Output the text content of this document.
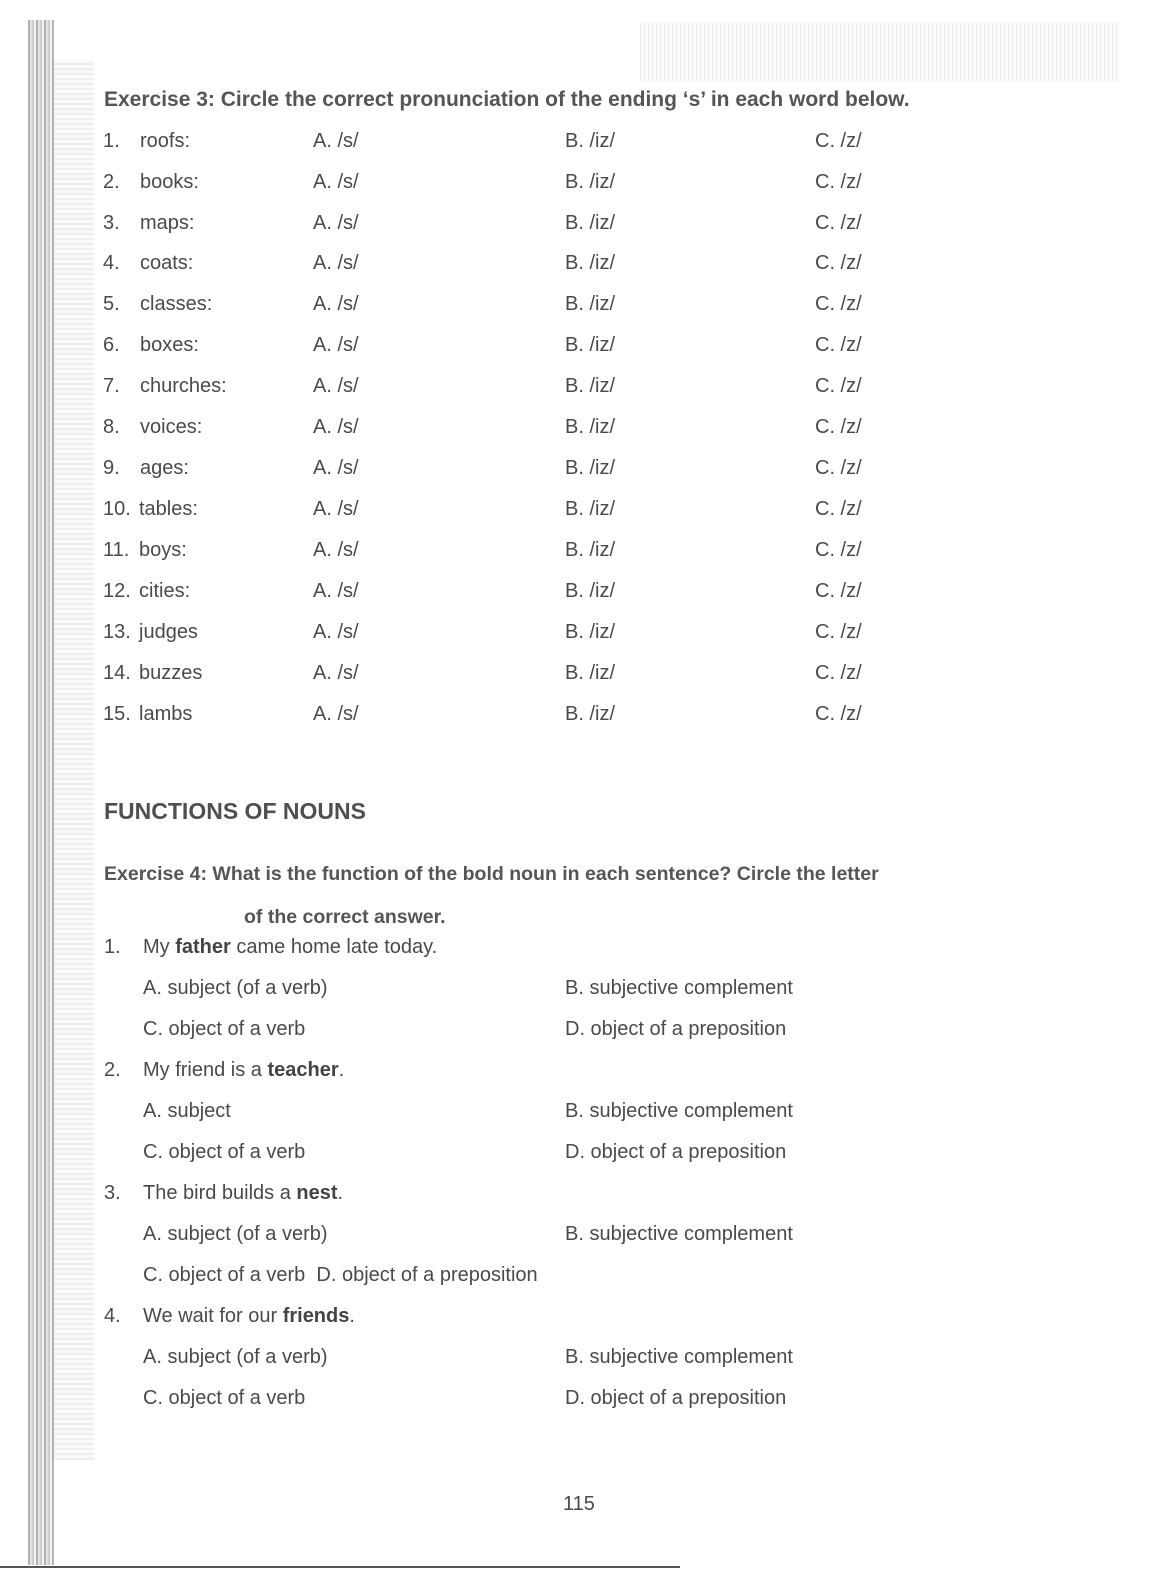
Exercise 3: Circle the correct pronunciation of the ending ‘s’ in each word below.
1. roofs:	A. /s/	B. /iz/	C. /z/
2. books:	A. /s/	B. /iz/	C. /z/
3. maps:	A. /s/	B. /iz/	C. /z/
4. coats:	A. /s/	B. /iz/	C. /z/
5. classes:	A. /s/	B. /iz/	C. /z/
6. boxes:	A. /s/	B. /iz/	C. /z/
7. churches:	A. /s/	B. /iz/	C. /z/
8. voices:	A. /s/	B. /iz/	C. /z/
9. ages:	A. /s/	B. /iz/	C. /z/
10. tables:	A. /s/	B. /iz/	C. /z/
11. boys:	A. /s/	B. /iz/	C. /z/
12. cities:	A. /s/	B. /iz/	C. /z/
13. judges	A. /s/	B. /iz/	C. /z/
14. buzzes	A. /s/	B. /iz/	C. /z/
15. lambs	A. /s/	B. /iz/	C. /z/
FUNCTIONS OF NOUNS
Exercise 4: What is the function of the bold noun in each sentence? Circle the letter
of the correct answer.
1. My father came home late today.
A. subject (of a verb)	B. subjective complement
C. object of a verb	D. object of a preposition
2. My friend is a teacher.
A. subject	B. subjective complement
C. object of a verb	D. object of a preposition
3. The bird builds a nest.
A. subject (of a verb)	B. subjective complement
C. object of a verb  D. object of a preposition
4. We wait for our friends.
A. subject (of a verb)	B. subjective complement
C. object of a verb	D. object of a preposition
115
